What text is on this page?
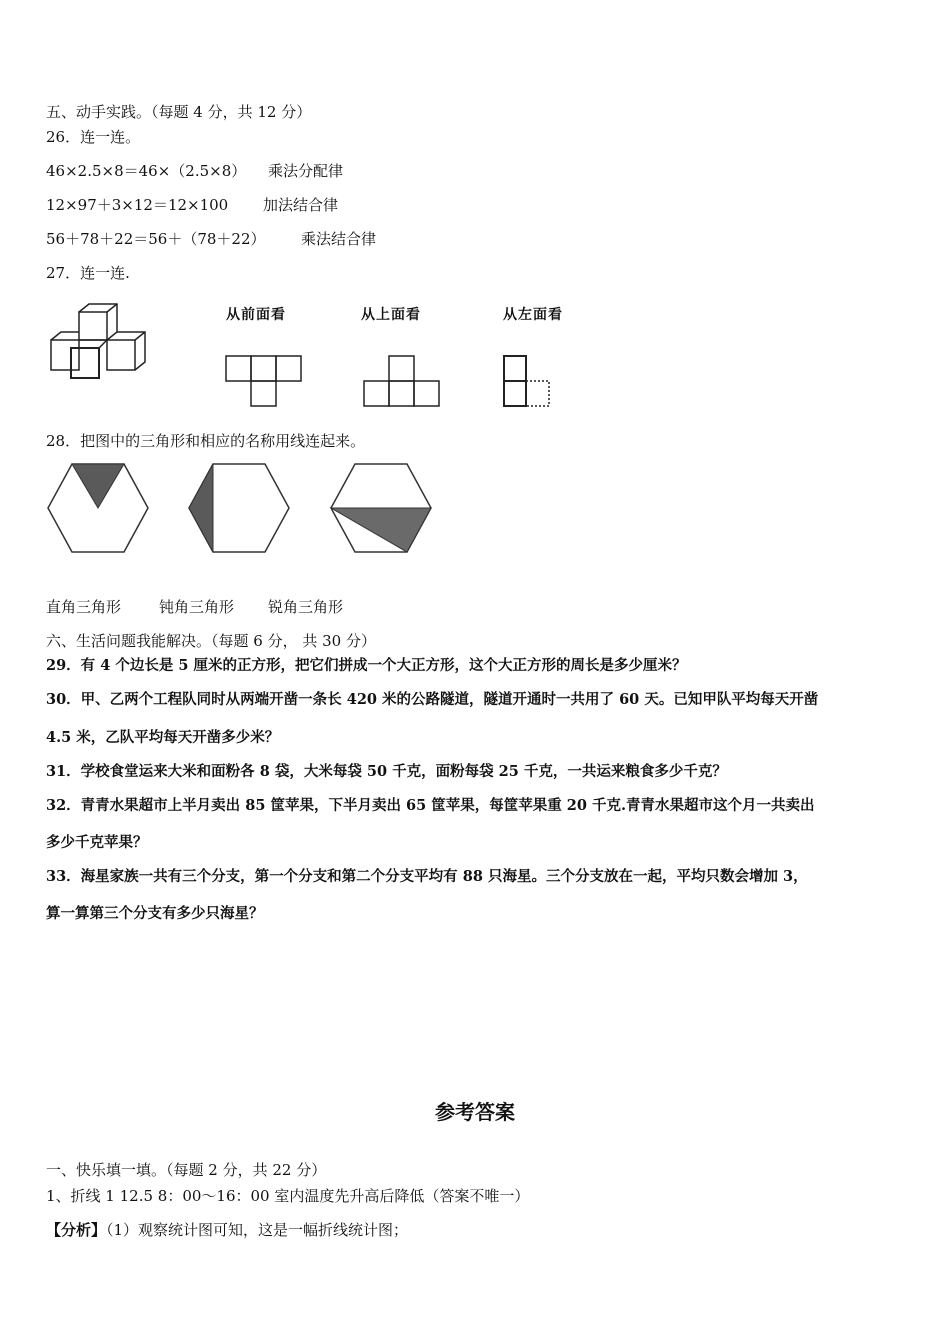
五、动手实践。（每题 4 分，共 12 分）
26．连一连。
46×2.5×8＝46×（2.5×8） 乘法分配律
12×97＋3×12＝12×100 加法结合律
56＋78＋22＝56＋（78＋22） 乘法结合律
27．连一连.
从前面看	从上面看	从左面看
28．把图中的三角形和相应的名称用线连起来。
直角三角形	钝角三角形 锐角三角形
六、生活问题我能解决。（每题 6 分， 共 30 分）
29．有 4 个边长是 5 厘米的正方形，把它们拼成一个大正方形，这个大正方形的周长是多少厘米？
30．甲、乙两个工程队同时从两端开凿一条长 420 米的公路隧道，隧道开通时一共用了 60 天。已知甲队平均每天开凿
4.5 米，乙队平均每天开凿多少米？
31．学校食堂运来大米和面粉各 8 袋，大米每袋 50 千克，面粉每袋 25 千克，一共运来粮食多少千克？
32．青青水果超市上半月卖出 85 筐苹果，下半月卖出 65 筐苹果，每筐苹果重 20 千克.青青水果超市这个月一共卖出
多少千克苹果？
33．海星家族一共有三个分支，第一个分支和第二个分支平均有 88 只海星。三个分支放在一起，平均只数会增加 3，
算一算第三个分支有多少只海星？
参考答案
一、快乐填一填。（每题 2 分，共 22 分）
1、折线 1 12.5 8：00～16：00 室内温度先升高后降低（答案不唯一）
【分析】（1）观察统计图可知，这是一幅折线统计图；
